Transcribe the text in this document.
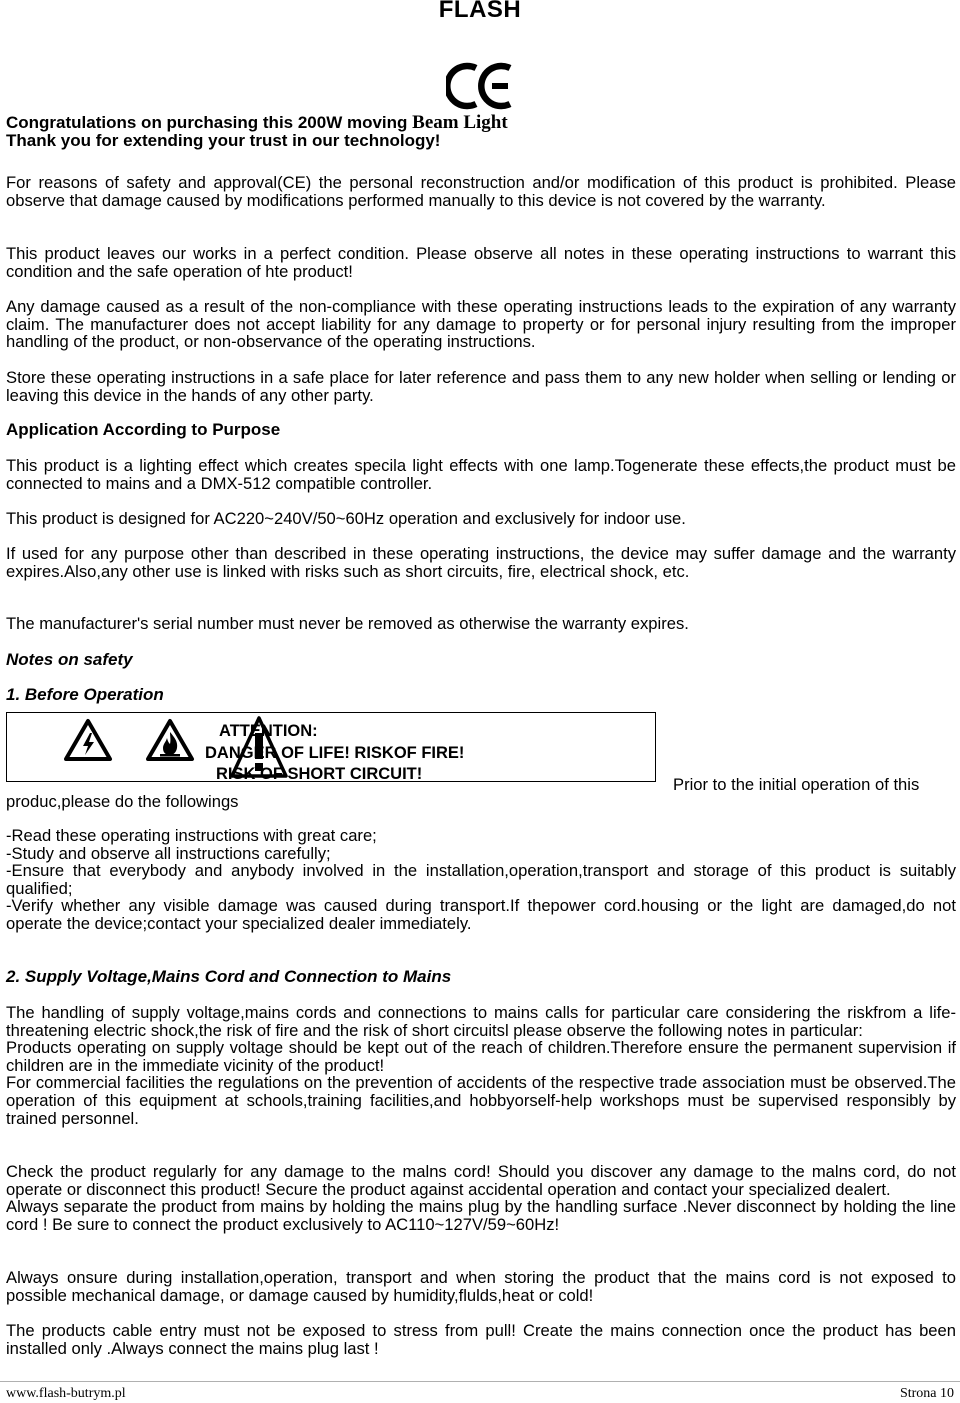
FLASH
Congratulations on purchasing this 200W moving Beam Light
Thank you for extending your trust in our technology!
For reasons of safety and approval(CE) the personal reconstruction and/or modification of this product is prohibited. Please observe that damage caused by modifications performed manually to this device is not covered by the warranty.
This product leaves our works in a perfect condition. Please observe all notes in these operating instructions to warrant this condition and the safe operation of hte product!
Any damage caused as a result of the non-compliance with these operating instructions leads to the expiration of any warranty claim. The manufacturer does not accept liability for any damage to property or for personal injury resulting from the improper handling of the product, or non-observance of the operating instructions.
Store these operating instructions in a safe place for later reference and pass them to any new holder when selling or lending or leaving this device in the hands of any other party.
Application According to Purpose
This product is a lighting effect which creates specila light effects with one lamp.Togenerate these effects,the product must be connected to mains and a DMX-512 compatible controller.
This product is designed for AC220~240V/50~60Hz operation and exclusively for indoor use.
If used for any purpose other than described in these operating instructions, the device may suffer damage and the warranty expires.Also,any other use is linked with risks such as short circuits, fire, electrical shock, etc.
The manufacturer's serial number must never be removed as otherwise the warranty expires.
Notes on safety
1. Before Operation
ATTENTION:
DANGER OF LIFE! RISKOF FIRE!
RISK OF SHORT CIRCUIT!
Prior to the initial operation of this
produc,please do the followings

-Read these operating instructions with great care;

-Study and observe all instructions carefully;

-Ensure that everybody and anybody involved in the installation,operation,transport and storage of this product is suitably qualified;

-Verify whether any visible damage was caused during transport.If thepower cord.housing or the light are damaged,do not operate the device;contact your specialized dealer immediately.

2. Supply Voltage,Mains Cord and Connection to Mains

The handling of supply voltage,mains cords and connections to mains calls for particular care considering the riskfrom a life-threatening electric shock,the risk of fire and the risk of short circuitsl please observe the following notes in particular:

Products operating on supply voltage should be kept out of the reach of children.Therefore ensure the permanent supervision if children are in the immediate vicinity of the product!

For commercial facilities the regulations on the prevention of accidents of the respective trade association must be observed.The operation of this equipment at schools,training facilities,and hobbyorself-help workshops must be supervised responsibly by trained personnel.

Check the product regularly for any damage to the malns cord! Should you discover any damage to the malns cord, do not operate or disconnect this product! Secure the product against accidental operation and contact your specialized dealert.

Always separate the product from mains by holding the mains plug by the handling surface .Never disconnect by holding the line cord ! Be sure to connect the product exclusively to AC110~127V/59~60Hz!

Always onsure during installation,operation, transport and when storing the product that the mains cord is not exposed to possible mechanical damage, or damage caused by humidity,flulds,heat or cold!
The products cable entry must not be exposed to stress from pull! Create the mains connection once the product has been installed only .Always connect the mains plug last !
www.flash-butrym.pl	Strona 10
